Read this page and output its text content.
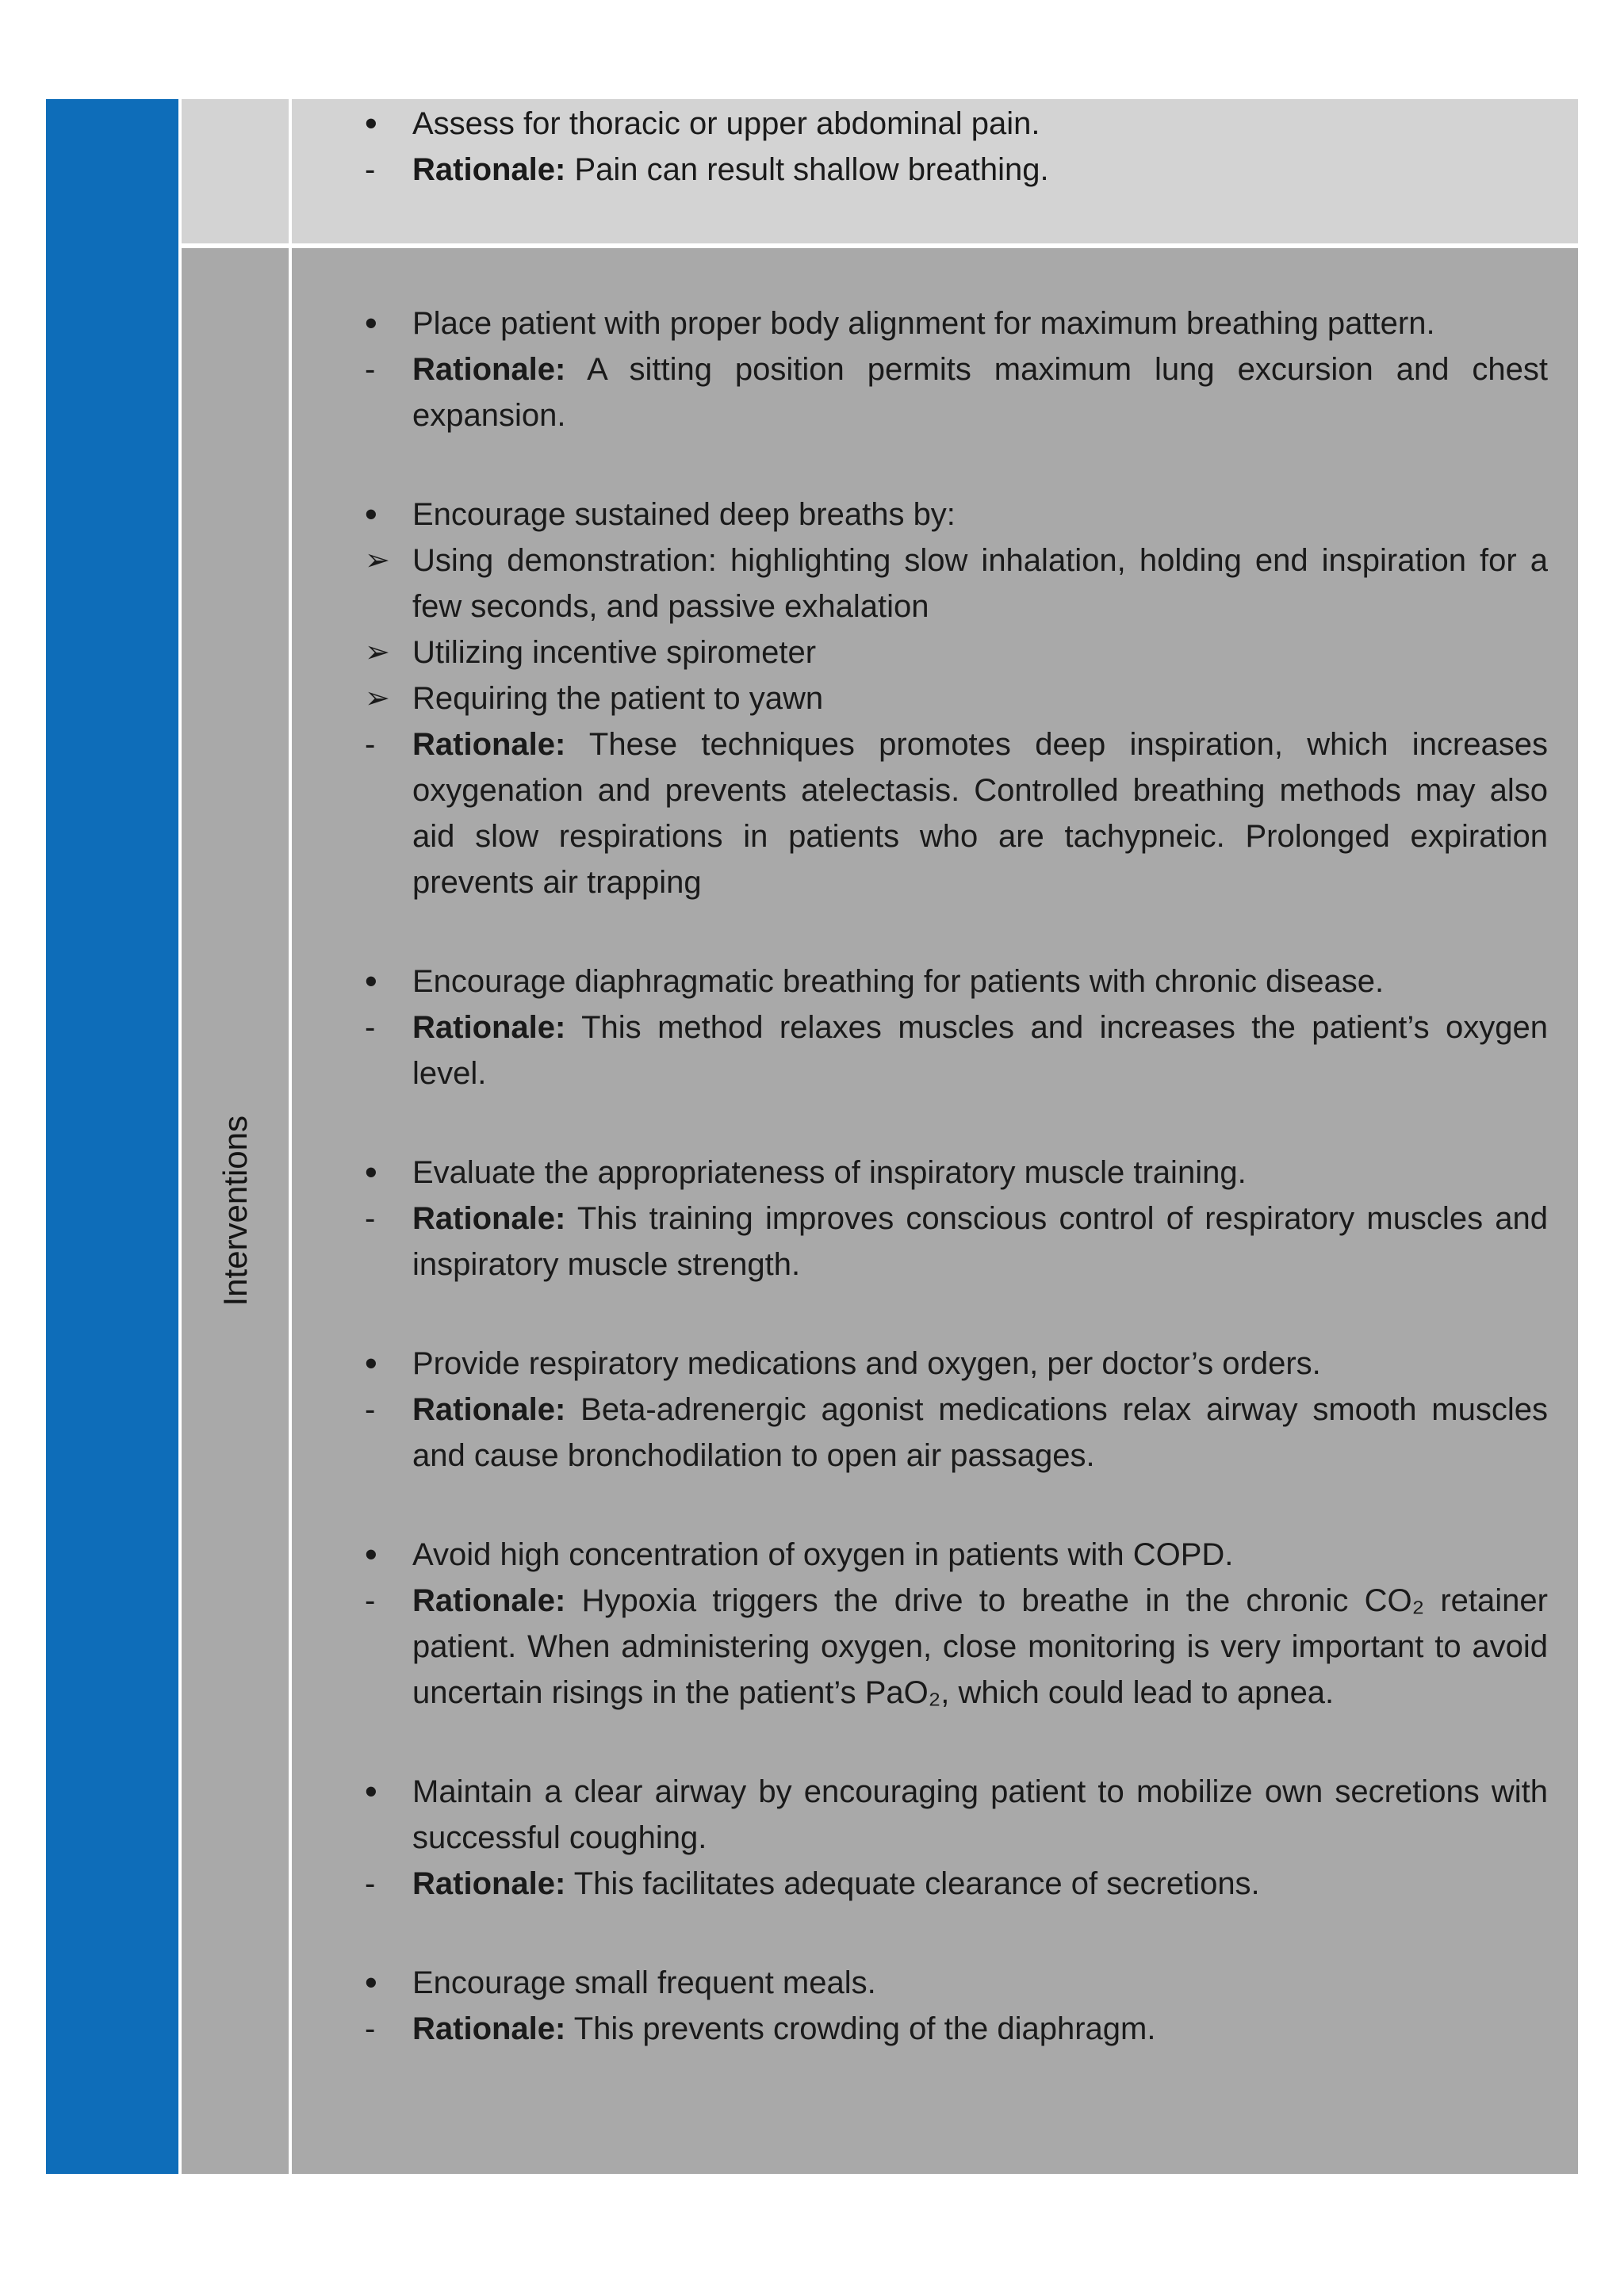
Interventions
•	Assess for thoracic or upper abdominal pain.
-	Rationale: Pain can result shallow breathing.
•	Place patient with proper body alignment for maximum breathing pattern.
-	Rationale: A sitting position permits maximum lung excursion and chest expansion.
•	Encourage sustained deep breaths by:
➢ Using demonstration: highlighting slow inhalation, holding end inspiration for a few seconds, and passive exhalation
➢ Utilizing incentive spirometer
➢ Requiring the patient to yawn
-	Rationale: These techniques promotes deep inspiration, which increases oxygenation and prevents atelectasis. Controlled breathing methods may also aid slow respirations in patients who are tachypneic. Prolonged expiration prevents air trapping
•	Encourage diaphragmatic breathing for patients with chronic disease.
-	Rationale: This method relaxes muscles and increases the patient’s oxygen level.
•	Evaluate the appropriateness of inspiratory muscle training.
-	Rationale: This training improves conscious control of respiratory muscles and inspiratory muscle strength.
•	Provide respiratory medications and oxygen, per doctor’s orders.
-	Rationale: Beta-adrenergic agonist medications relax airway smooth muscles and cause bronchodilation to open air passages.
•	Avoid high concentration of oxygen in patients with COPD.
-	Rationale: Hypoxia triggers the drive to breathe in the chronic CO₂ retainer patient. When administering oxygen, close monitoring is very important to avoid uncertain risings in the patient’s PaO₂, which could lead to apnea.
•	Maintain a clear airway by encouraging patient to mobilize own secretions with successful coughing.
-	Rationale: This facilitates adequate clearance of secretions.
•	Encourage small frequent meals.
-	Rationale: This prevents crowding of the diaphragm.
